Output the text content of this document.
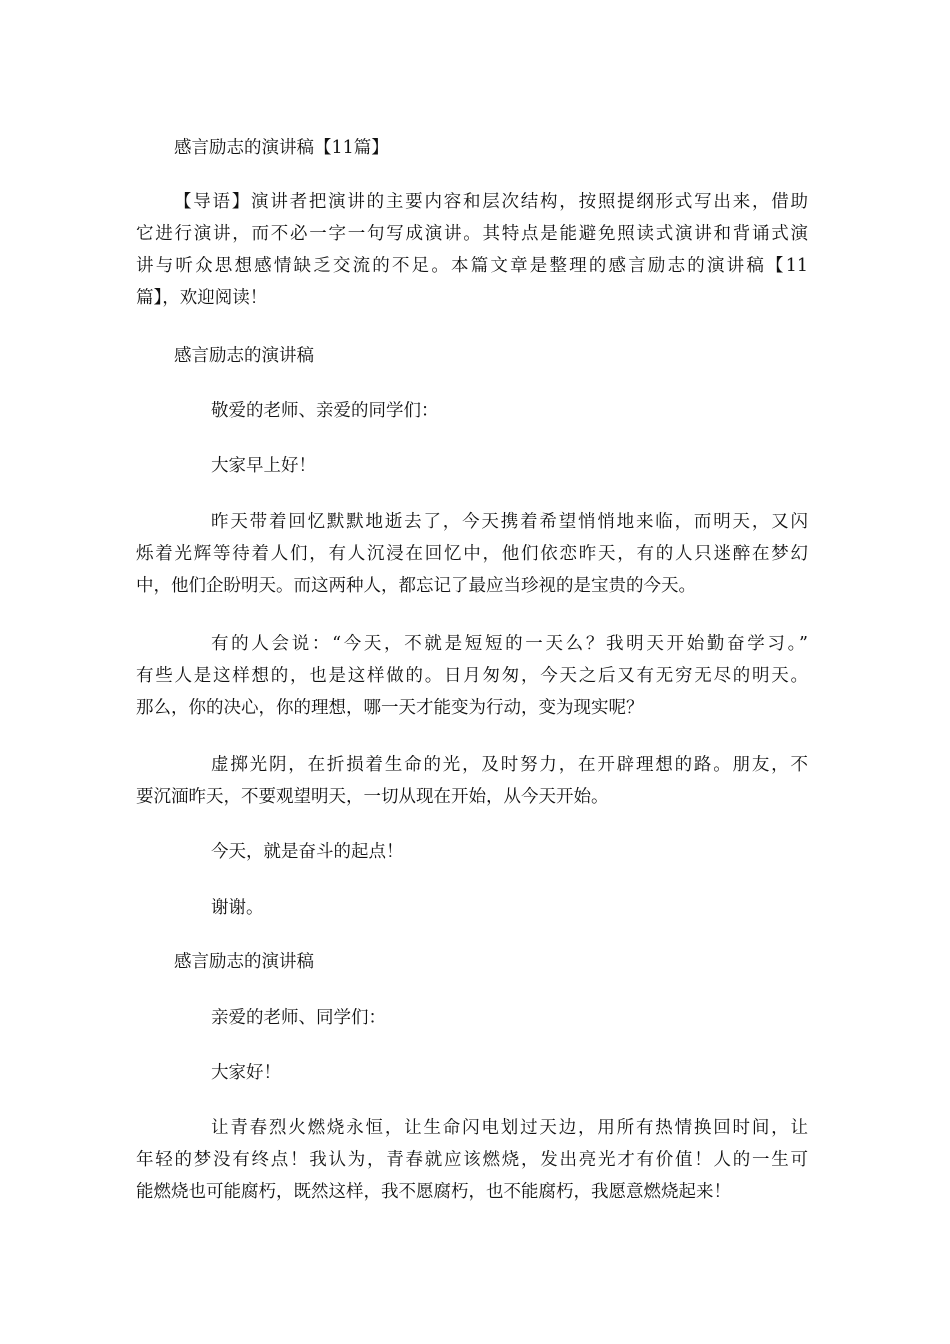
感言励志的演讲稿【11篇】

【导语】演讲者把演讲的主要内容和层次结构，按照提纲形式写出来，借助
它进行演讲，而不必一字一句写成演讲。其特点是能避免照读式演讲和背诵式演
讲与听众思想感情缺乏交流的不足。本篇文章是整理的感言励志的演讲稿【11
篇】，欢迎阅读！

感言励志的演讲稿

敬爱的老师、亲爱的同学们：

大家早上好！

昨天带着回忆默默地逝去了，今天携着希望悄悄地来临，而明天，又闪
烁着光辉等待着人们，有人沉浸在回忆中，他们依恋昨天，有的人只迷醉在梦幻
中，他们企盼明天。而这两种人，都忘记了最应当珍视的是宝贵的今天。
有的人会说：“今天，不就是短短的一天么？我明天开始勤奋学习。”
有些人是这样想的，也是这样做的。日月匆匆，今天之后又有无穷无尽的明天。
那么，你的决心，你的理想，哪一天才能变为行动，变为现实呢？
虚掷光阴，在折损着生命的光，及时努力，在开辟理想的路。朋友，不
要沉湎昨天，不要观望明天，一切从现在开始，从今天开始。

今天，就是奋斗的起点！

谢谢。

感言励志的演讲稿

亲爱的老师、同学们：

大家好！

让青春烈火燃烧永恒，让生命闪电划过天边，用所有热情换回时间，让
年轻的梦没有终点！我认为，青春就应该燃烧，发出亮光才有价值！人的一生可
能燃烧也可能腐朽，既然这样，我不愿腐朽，也不能腐朽，我愿意燃烧起来！
